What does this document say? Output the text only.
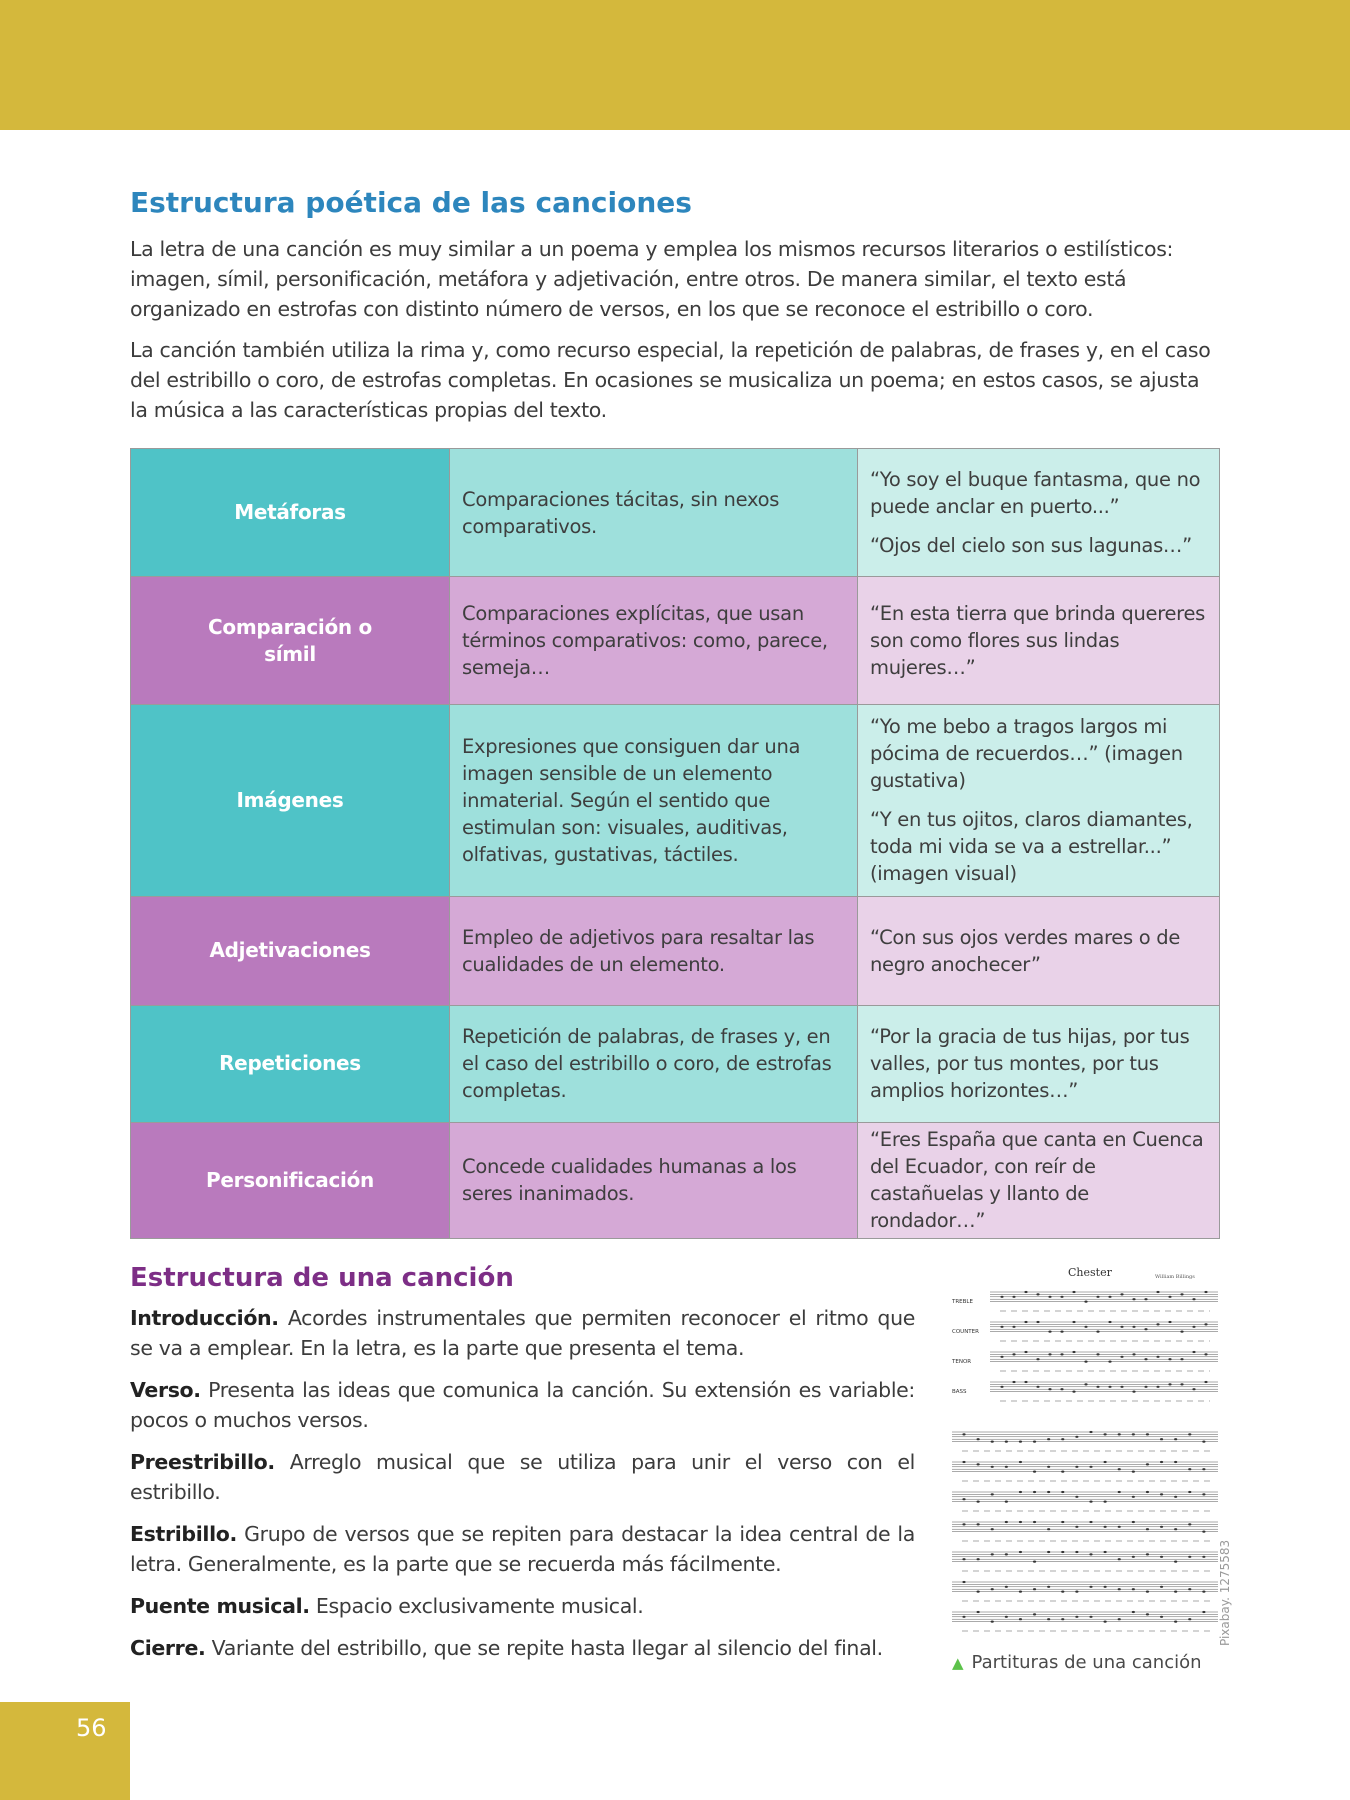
Estructura poética de las canciones

La letra de una canción es muy similar a un poema y emplea los mismos recursos literarios o estilísticos: imagen, símil, personificación, metáfora y adjetivación, entre otros. De manera similar, el texto está organizado en estrofas con distinto número de versos, en los que se reconoce el estribillo o coro.

La canción también utiliza la rima y, como recurso especial, la repetición de palabras, de frases y, en el caso del estribillo o coro, de estrofas completas. En ocasiones se musicaliza un poema; en estos casos, se ajusta la música a las características propias del texto.

Metáforas	Comparaciones tácitas, sin nexos comparativos.	“Yo soy el buque fantasma, que no puede anclar en puerto...”
“Ojos del cielo son sus lagunas…”

Comparación o símil	Comparaciones explícitas, que usan términos comparativos: como, parece, semeja…	“En esta tierra que brinda quereres son como flores sus lindas mujeres…”

Imágenes	Expresiones que consiguen dar una imagen sensible de un elemento inmaterial. Según el sentido que estimulan son: visuales, auditivas, olfativas, gustativas, táctiles.	“Yo me bebo a tragos largos mi pócima de recuerdos…” (imagen gustativa)
“Y en tus ojitos, claros diamantes, toda mi vida se va a estrellar...” (imagen visual)

Adjetivaciones	Empleo de adjetivos para resaltar las cualidades de un elemento.	“Con sus ojos verdes mares o de negro anochecer”

Repeticiones	Repetición de palabras, de frases y, en el caso del estribillo o coro, de estrofas completas.	“Por la gracia de tus hijas, por tus valles, por tus montes, por tus amplios horizontes…”

Personificación	Concede cualidades humanas a los seres inanimados.	“Eres España que canta en Cuenca del Ecuador, con reír de castañuelas y llanto de rondador…”
Estructura de una canción

Introducción. Acordes instrumentales que permiten reconocer el ritmo que se va a emplear. En la letra, es la parte que presenta el tema.

Verso. Presenta las ideas que comunica la canción. Su extensión es variable: pocos o muchos versos.

Preestribillo. Arreglo musical que se utiliza para unir el verso con el estribillo.

Estribillo. Grupo de versos que se repiten para destacar la idea central de la letra. Generalmente, es la parte que se recuerda más fácilmente.

Puente musical. Espacio exclusivamente musical.

Cierre. Variante del estribillo, que se repite hasta llegar al silencio del final.

Chester	William Billings
TREBLE
COUNTER
TENOR
BASS
Pixabay. 1275583
▲ Partituras de una canción
56
